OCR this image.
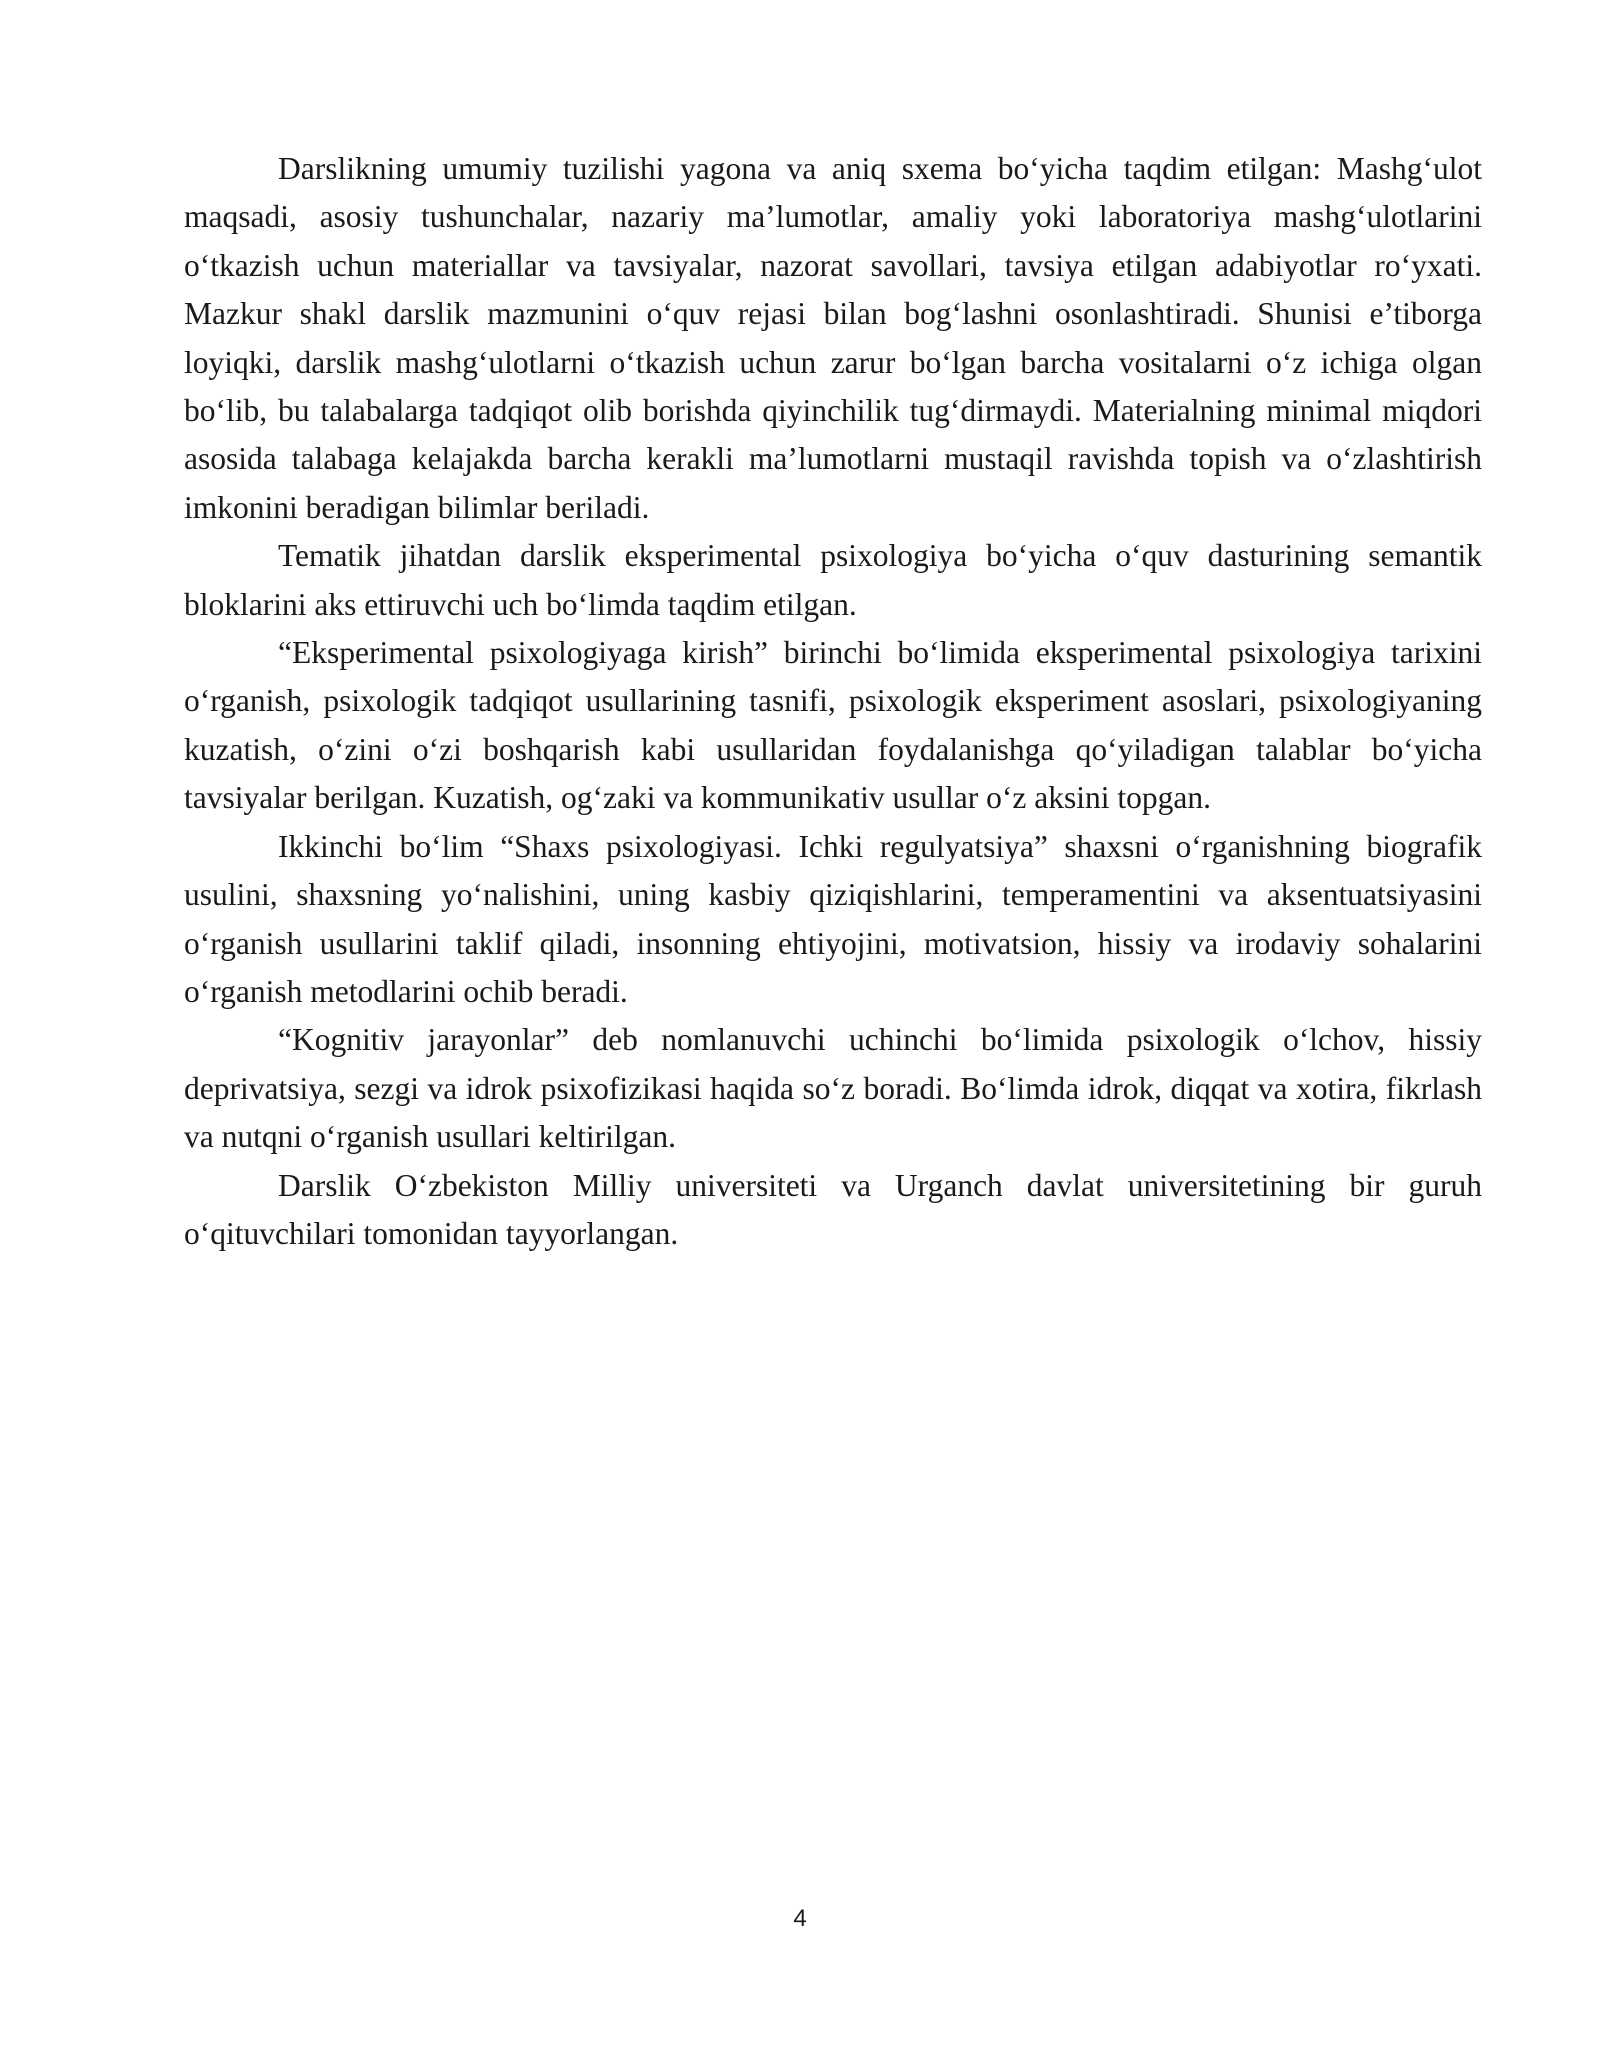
Darslikning umumiy tuzilishi yagona va aniq sxema bo‘yicha taqdim etilgan: Mashg‘ulot maqsadi, asosiy tushunchalar, nazariy ma’lumotlar, amaliy yoki laboratoriya mashg‘ulotlarini o‘tkazish uchun materiallar va tavsiyalar, nazorat savollari, tavsiya etilgan adabiyotlar ro‘yxati. Mazkur shakl darslik mazmunini o‘quv rejasi bilan bog‘lashni osonlashtiradi. Shunisi e’tiborga loyiqki, darslik mashg‘ulotlarni o‘tkazish uchun zarur bo‘lgan barcha vositalarni o‘z ichiga olgan bo‘lib, bu talabalarga tadqiqot olib borishda qiyinchilik tug‘dirmaydi. Materialning minimal miqdori asosida talabaga kelajakda barcha kerakli ma’lumotlarni mustaqil ravishda topish va o‘zlashtirish imkonini beradigan bilimlar beriladi.

Tematik jihatdan darslik eksperimental psixologiya bo‘yicha o‘quv dasturining semantik bloklarini aks ettiruvchi uch bo‘limda taqdim etilgan.

“Eksperimental psixologiyaga kirish” birinchi bo‘limida eksperimental psixologiya tarixini o‘rganish, psixologik tadqiqot usullarining tasnifi, psixologik eksperiment asoslari, psixologiyaning kuzatish, o‘zini o‘zi boshqarish kabi usullaridan foydalanishga qo‘yiladigan talablar bo‘yicha tavsiyalar berilgan. Kuzatish, og‘zaki va kommunikativ usullar o‘z aksini topgan.

Ikkinchi bo‘lim “Shaxs psixologiyasi. Ichki regulyatsiya” shaxsni o‘rganishning biografik usulini, shaxsning yo‘nalishini, uning kasbiy qiziqishlarini, temperamentini va aksentuatsiyasini o‘rganish usullarini taklif qiladi, insonning ehtiyojini, motivatsion, hissiy va irodaviy sohalarini o‘rganish metodlarini ochib beradi.

“Kognitiv jarayonlar” deb nomlanuvchi uchinchi bo‘limida psixologik o‘lchov, hissiy deprivatsiya, sezgi va idrok psixofizikasi haqida so‘z boradi. Bo‘limda idrok, diqqat va xotira, fikrlash va nutqni o‘rganish usullari keltirilgan.

Darslik O‘zbekiston Milliy universiteti va Urganch davlat universitetining bir guruh o‘qituvchilari tomonidan tayyorlangan.

4
